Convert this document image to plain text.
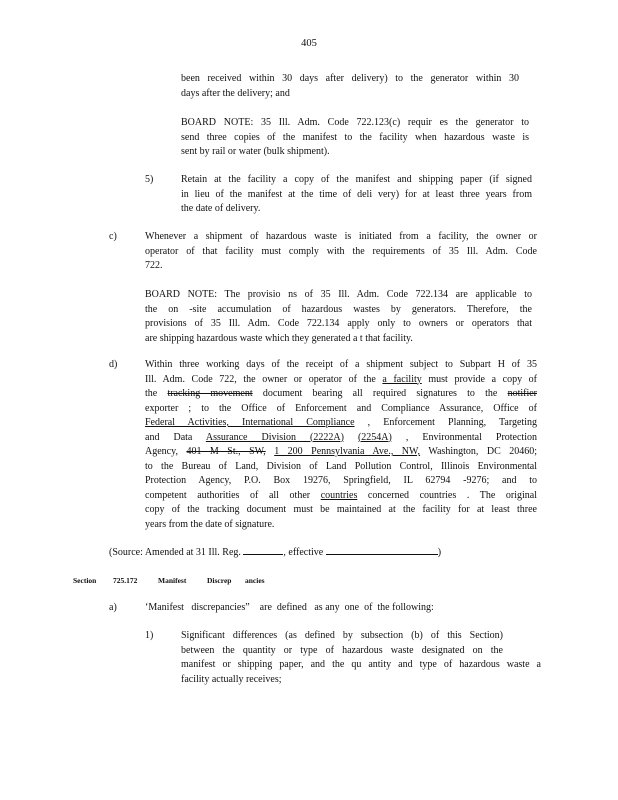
405
been received within 30 days after delivery) to the generator within 30
days after the delivery; and
BOARD NOTE: 35 Ill. Adm. Code 722.123(c) requir es the generator to
send three copies of the manifest to the facility when hazardous waste is
sent by rail or water (bulk shipment).
5)	Retain at the facility a copy of the manifest and shipping paper (if signed
in lieu of the manifest at the time of deli very) for at least three years from
the date of delivery.
c)	Whenever a shipment of hazardous waste is initiated from a facility, the owner or
operator of that facility must comply with the requirements of 35 Ill. Adm. Code
722.
BOARD NOTE: The provisio ns of 35 Ill. Adm. Code 722.134 are applicable to
the on -site accumulation of hazardous wastes by generators. Therefore, the
provisions of 35 Ill. Adm. Code 722.134 apply only to owners or operators that
are shipping hazardous waste which they generated a t that facility.
d)	Within three working days of the receipt of a shipment subject to Subpart H of 35
Ill. Adm. Code 722, the owner or operator of the a facility must provide a copy of
the tracking movement document bearing all required signatures to the notifier
exporter ; to the Office of Enforcement and Compliance Assurance, Office of
Federal Activities, International Compliance , Enforcement Planning, Targeting
and Data Assurance Division (2222A) (2254A) , Environmental Protection
Agency, 401 M St., SW, 1 200 Pennsylvania Ave., NW, Washington, DC 20460;
to the Bureau of Land, Division of Land Pollution Control, Illinois Environmental
Protection Agency, P.O. Box 19276, Springfield, IL 62794 -9276; and to
competent authorities of all other countries concerned countries . The original
copy of the tracking document must be maintained at the facility for at least three
years from the date of signature.
(Source: Amended at 31 Ill. Reg.	, effective	)
Section 725.172	Manifest	Discrep ancies
a)	‘Manifest   discrepancies”    are  defined   as any  one  of  the following:
1)	Significant differences (as defined by subsection (b) of this Section)
between the quantity or type of hazardous waste designated on the
manifest or shipping paper, and the qu antity and type of hazardous waste a
facility actually receives;
